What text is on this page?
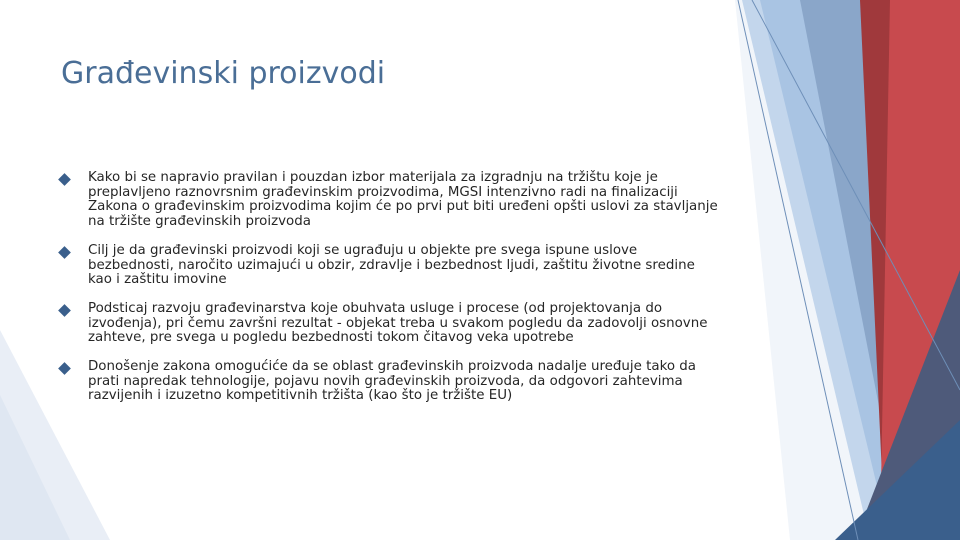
Građevinski proizvodi
Kako bi se napravio pravilan i pouzdan izbor materijala za izgradnju na tržištu koje je preplavljeno raznovrsnim građevinskim proizvodima, MGSI intenzivno radi na finalizaciji Zakona o građevinskim proizvodima kojim će po prvi put biti uređeni opšti uslovi za stavljanje na tržište građevinskih proizvoda
Cilj je da građevinski proizvodi koji se ugrađuju u objekte pre svega ispune uslove bezbednosti, naročito uzimajući u obzir, zdravlje i bezbednost ljudi, zaštitu životne sredine kao i zaštitu imovine
Podsticaj razvoju građevinarstva koje obuhvata usluge i procese (od projektovanja do izvođenja), pri čemu završni rezultat - objekat treba u svakom pogledu da zadovolji osnovne zahteve, pre svega u pogledu bezbednosti tokom čitavog veka upotrebe
Donošenje zakona omogućiće da se oblast građevinskih proizvoda nadalje uređuje tako da prati napredak tehnologije, pojavu novih građevinskih proizvoda, da odgovori zahtevima razvijenih i izuzetno kompetitivnih tržišta (kao što je tržište EU)
